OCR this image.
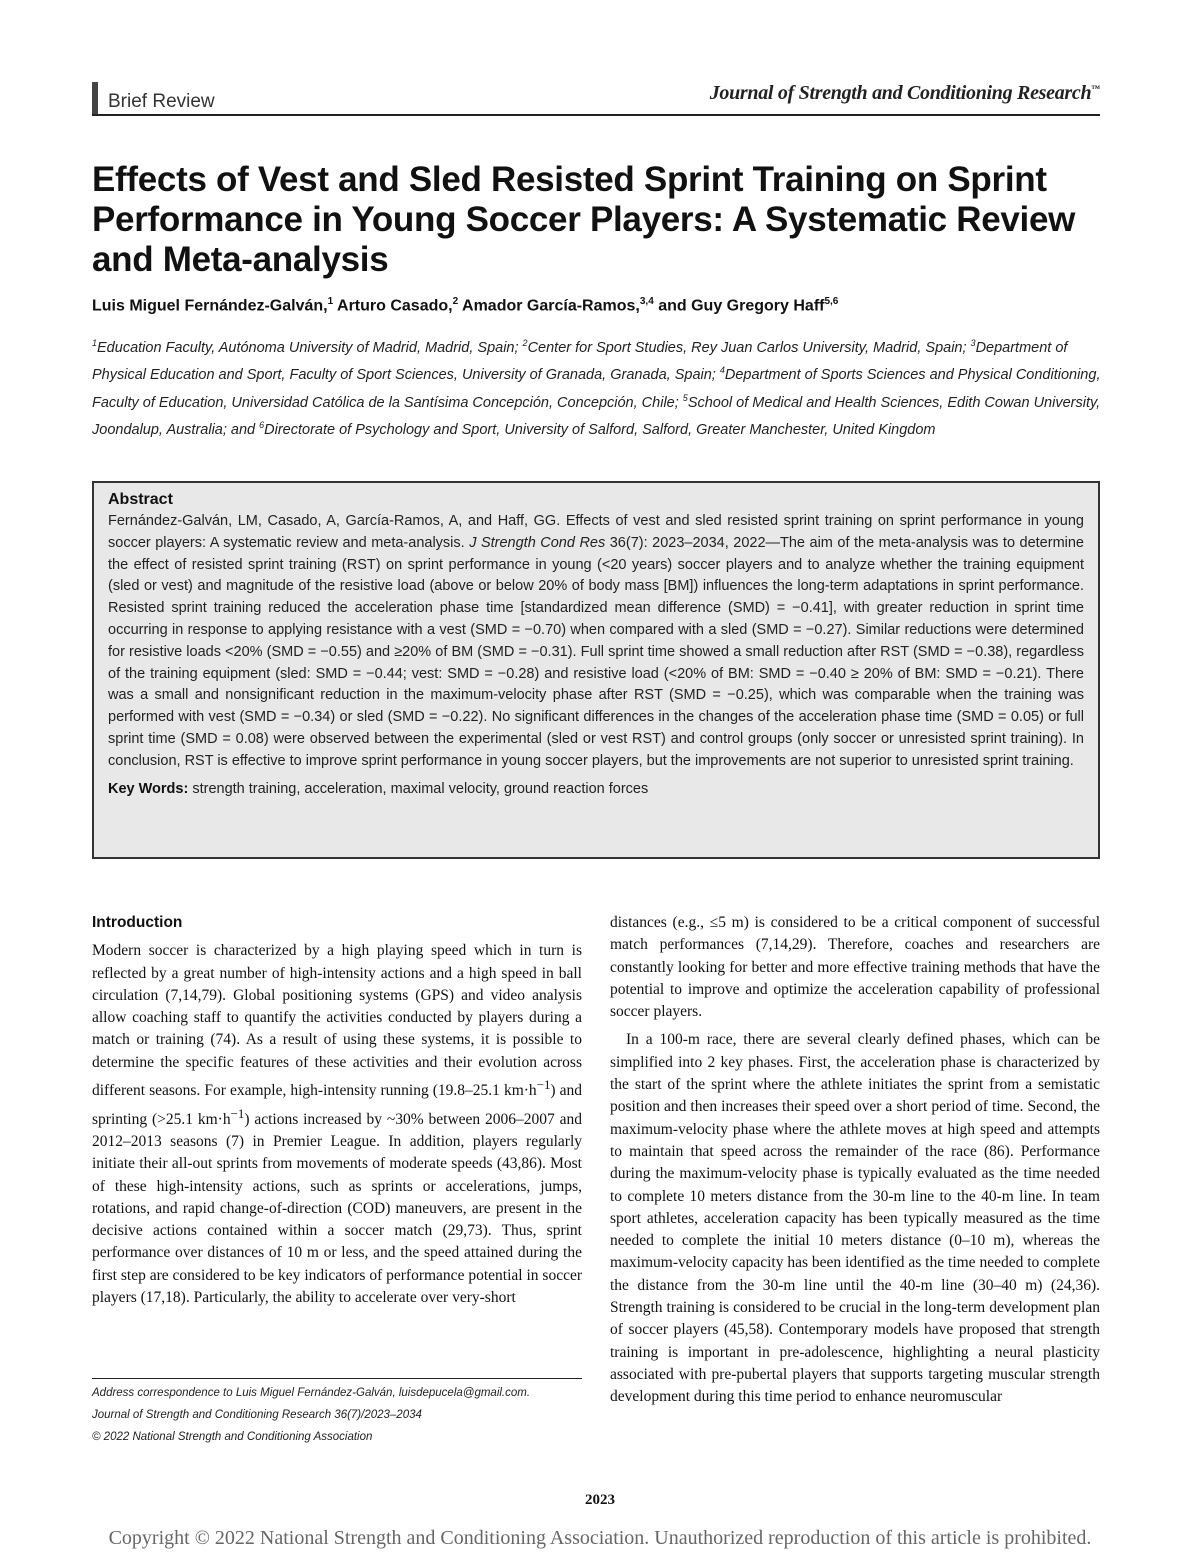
Brief Review	Journal of Strength and Conditioning Research™
Effects of Vest and Sled Resisted Sprint Training on Sprint Performance in Young Soccer Players: A Systematic Review and Meta-analysis
Luis Miguel Fernández-Galván,$^1$ Arturo Casado,$^2$ Amador García-Ramos,$^{3,4}$ and Guy Gregory Haff$^{5,6}$
$^1$Education Faculty, Autónoma University of Madrid, Madrid, Spain; $^2$Center for Sport Studies, Rey Juan Carlos University, Madrid, Spain; $^3$Department of Physical Education and Sport, Faculty of Sport Sciences, University of Granada, Granada, Spain; $^4$Department of Sports Sciences and Physical Conditioning, Faculty of Education, Universidad Católica de la Santísima Concepción, Concepción, Chile; $^5$School of Medical and Health Sciences, Edith Cowan University, Joondalup, Australia; and $^6$Directorate of Psychology and Sport, University of Salford, Salford, Greater Manchester, United Kingdom
Abstract

Fernández-Galván, LM, Casado, A, García-Ramos, A, and Haff, GG. Effects of vest and sled resisted sprint training on sprint performance in young soccer players: A systematic review and meta-analysis. J Strength Cond Res 36(7): 2023–2034, 2022—The aim of the meta-analysis was to determine the effect of resisted sprint training (RST) on sprint performance in young (<20 years) soccer players and to analyze whether the training equipment (sled or vest) and magnitude of the resistive load (above or below 20% of body mass [BM]) influences the long-term adaptations in sprint performance. Resisted sprint training reduced the acceleration phase time [standardized mean difference (SMD) = −0.41], with greater reduction in sprint time occurring in response to applying resistance with a vest (SMD = −0.70) when compared with a sled (SMD = −0.27). Similar reductions were determined for resistive loads <20% (SMD = −0.55) and ≥20% of BM (SMD = −0.31). Full sprint time showed a small reduction after RST (SMD = −0.38), regardless of the training equipment (sled: SMD = −0.44; vest: SMD = −0.28) and resistive load (<20% of BM: SMD = −0.40 ≥ 20% of BM: SMD = −0.21). There was a small and nonsignificant reduction in the maximum-velocity phase after RST (SMD = −0.25), which was comparable when the training was performed with vest (SMD = −0.34) or sled (SMD = −0.22). No significant differences in the changes of the acceleration phase time (SMD = 0.05) or full sprint time (SMD = 0.08) were observed between the experimental (sled or vest RST) and control groups (only soccer or unresisted sprint training). In conclusion, RST is effective to improve sprint performance in young soccer players, but the improvements are not superior to unresisted sprint training.

Key Words: strength training, acceleration, maximal velocity, ground reaction forces
Introduction

Modern soccer is characterized by a high playing speed which in turn is reflected by a great number of high-intensity actions and a high speed in ball circulation (7,14,79). Global positioning systems (GPS) and video analysis allow coaching staff to quantify the activities conducted by players during a match or training (74). As a result of using these systems, it is possible to determine the specific features of these activities and their evolution across different seasons. For example, high-intensity running (19.8–25.1 $km\cdot h^{-1}$) and sprinting (>25.1 $km\cdot h^{-1}$) actions increased by ~30% between 2006–2007 and 2012–2013 seasons (7) in Premier League. In addition, players regularly initiate their all-out sprints from movements of moderate speeds (43,86). Most of these high-intensity actions, such as sprints or accelerations, jumps, rotations, and rapid change-of-direction (COD) maneuvers, are present in the decisive actions contained within a soccer match (29,73). Thus, sprint performance over distances of 10 m or less, and the speed attained during the first step are considered to be key indicators of performance potential in soccer players (17,18). Particularly, the ability to accelerate over very-short

distances (e.g., ≤5 m) is considered to be a critical component of successful match performances (7,14,29). Therefore, coaches and researchers are constantly looking for better and more effective training methods that have the potential to improve and optimize the acceleration capability of professional soccer players.

In a 100-m race, there are several clearly defined phases, which can be simplified into 2 key phases. First, the acceleration phase is characterized by the start of the sprint where the athlete initiates the sprint from a semistatic position and then increases their speed over a short period of time. Second, the maximum-velocity phase where the athlete moves at high speed and attempts to maintain that speed across the remainder of the race (86). Performance during the maximum-velocity phase is typically evaluated as the time needed to complete 10 meters distance from the 30-m line to the 40-m line. In team sport athletes, acceleration capacity has been typically measured as the time needed to complete the initial 10 meters distance (0–10 m), whereas the maximum-velocity capacity has been identified as the time needed to complete the distance from the 30-m line until the 40-m line (30–40 m) (24,36). Strength training is considered to be crucial in the long-term development plan of soccer players (45,58). Contemporary models have proposed that strength training is important in pre-adolescence, highlighting a neural plasticity associated with pre-pubertal players that supports targeting muscular strength development during this time period to enhance neuromuscular

Address correspondence to Luis Miguel Fernández-Galván, luisdepucela@gmail.com.

Journal of Strength and Conditioning Research 36(7)/2023–2034

© 2022 National Strength and Conditioning Association

2023
Copyright © 2022 National Strength and Conditioning Association. Unauthorized reproduction of this article is prohibited.
